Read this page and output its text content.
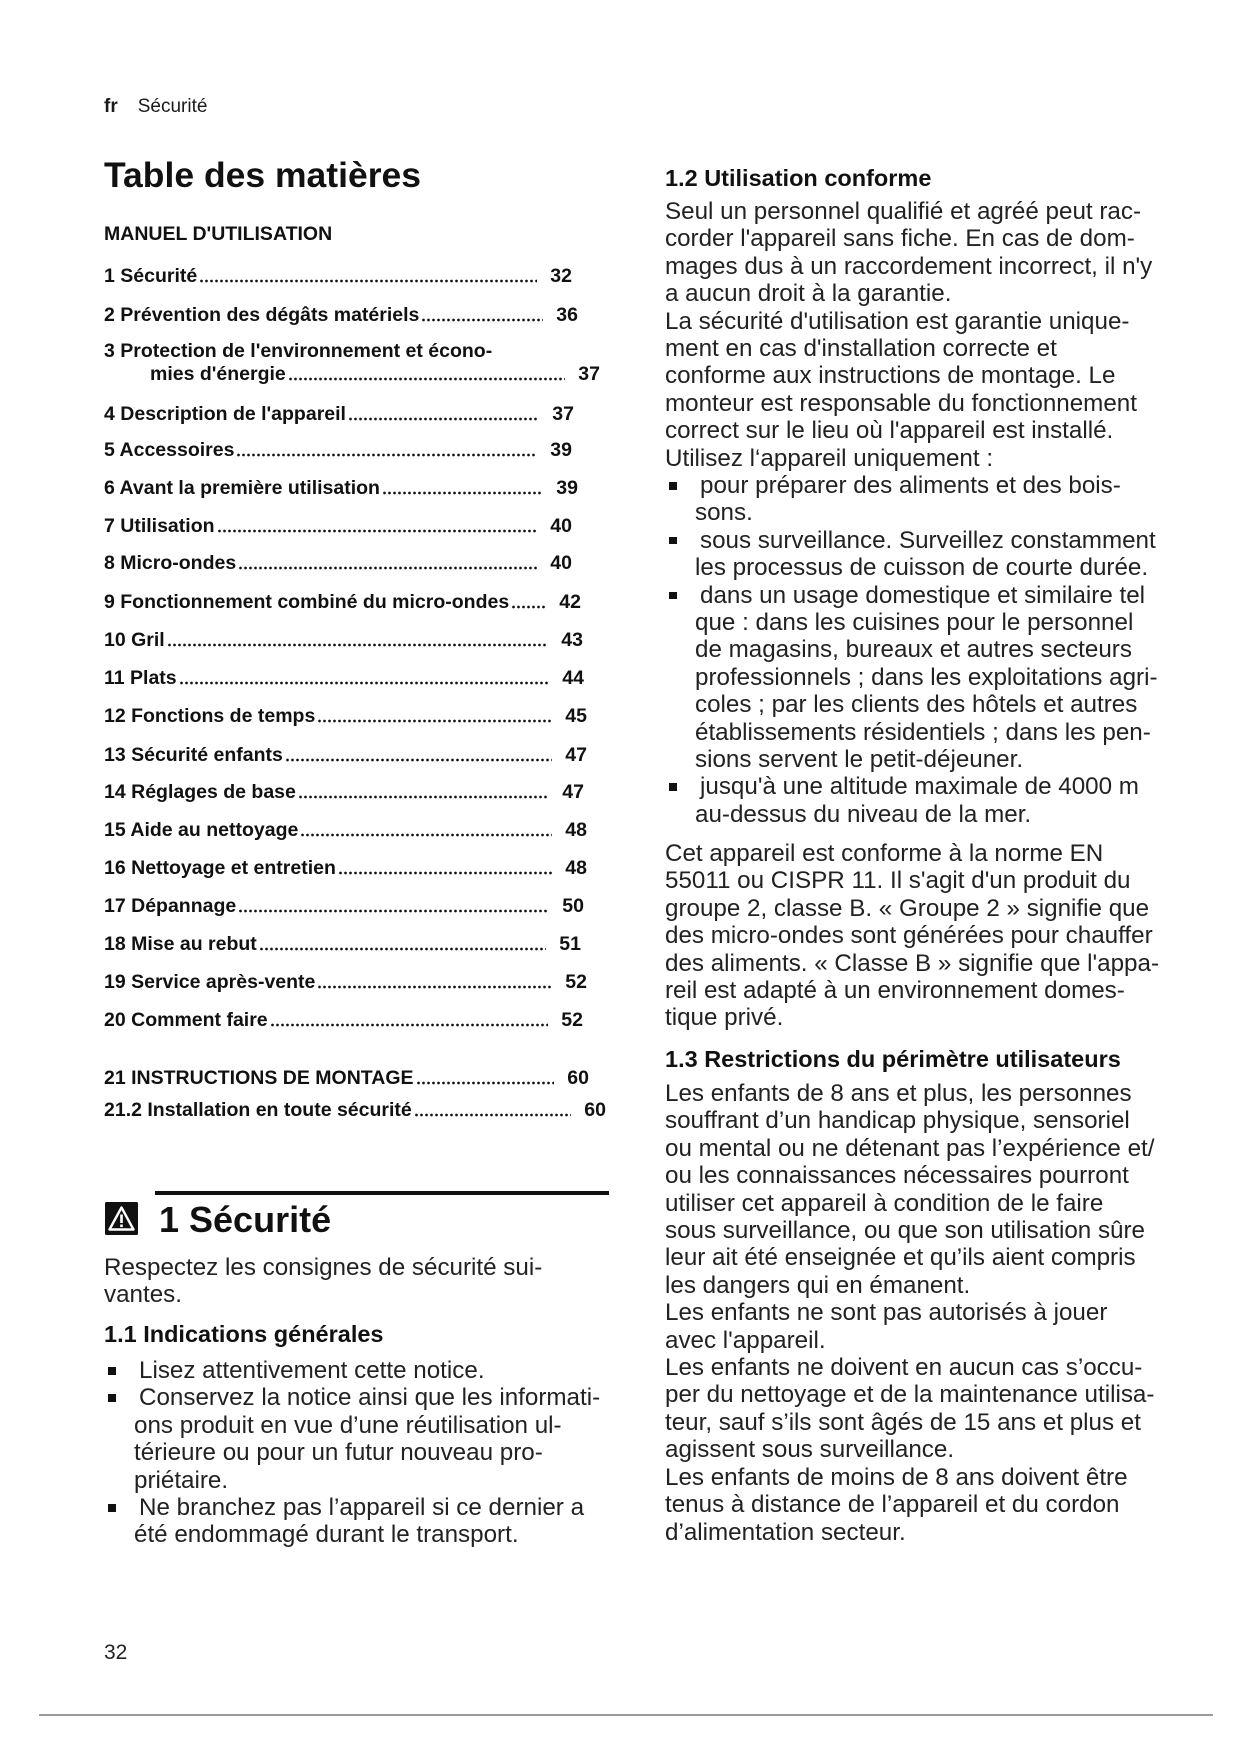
fr Sécurité
Table des matières
MANUEL D'UTILISATION
1 Sécurité	32
2 Prévention des dégâts matériels	36
3 Protection de l'environnement et écono-
mies d'énergie	37
4 Description de l'appareil	37
5 Accessoires	39
6 Avant la première utilisation	39
7 Utilisation	40
8 Micro-ondes	40
9 Fonctionnement combiné du micro-ondes	42
10 Gril	43
11 Plats	44
12 Fonctions de temps	45
13 Sécurité enfants	47
14 Réglages de base	47
15 Aide au nettoyage	48
16 Nettoyage et entretien	48
17 Dépannage	50
18 Mise au rebut	51
19 Service après-vente	52
20 Comment faire	52
21 INSTRUCTIONS DE MONTAGE	60
21.2 Installation en toute sécurité	60
1 Sécurité
Respectez les consignes de sécurité sui-
vantes.
1.1 Indications générales
Lisez attentivement cette notice.
Conservez la notice ainsi que les informati-
ons produit en vue d’une réutilisation ul-
térieure ou pour un futur nouveau pro-
priétaire.
Ne branchez pas l’appareil si ce dernier a
été endommagé durant le transport.
1.2 Utilisation conforme
Seul un personnel qualifié et agréé peut rac-
corder l'appareil sans fiche. En cas de dom-
mages dus à un raccordement incorrect, il n'y
a aucun droit à la garantie.
La sécurité d'utilisation est garantie unique-
ment en cas d'installation correcte et
conforme aux instructions de montage. Le
monteur est responsable du fonctionnement
correct sur le lieu où l'appareil est installé.
Utilisez l‘appareil uniquement :
pour préparer des aliments et des bois-
sons.
sous surveillance. Surveillez constamment
les processus de cuisson de courte durée.
dans un usage domestique et similaire tel
que : dans les cuisines pour le personnel
de magasins, bureaux et autres secteurs
professionnels ; dans les exploitations agri-
coles ; par les clients des hôtels et autres
établissements résidentiels ; dans les pen-
sions servent le petit-déjeuner.
jusqu'à une altitude maximale de 4000 m
au-dessus du niveau de la mer.
Cet appareil est conforme à la norme EN
55011 ou CISPR 11. Il s'agit d'un produit du
groupe 2, classe B. « Groupe 2 » signifie que
des micro-ondes sont générées pour chauffer
des aliments. « Classe B » signifie que l'appa-
reil est adapté à un environnement domes-
tique privé.
1.3 Restrictions du périmètre utilisateurs
Les enfants de 8 ans et plus, les personnes
souffrant d’un handicap physique, sensoriel
ou mental ou ne détenant pas l’expérience et/
ou les connaissances nécessaires pourront
utiliser cet appareil à condition de le faire
sous surveillance, ou que son utilisation sûre
leur ait été enseignée et qu’ils aient compris
les dangers qui en émanent.
Les enfants ne sont pas autorisés à jouer
avec l'appareil.
Les enfants ne doivent en aucun cas s’occu-
per du nettoyage et de la maintenance utilisa-
teur, sauf s’ils sont âgés de 15 ans et plus et
agissent sous surveillance.
Les enfants de moins de 8 ans doivent être
tenus à distance de l’appareil et du cordon
d’alimentation secteur.
32
